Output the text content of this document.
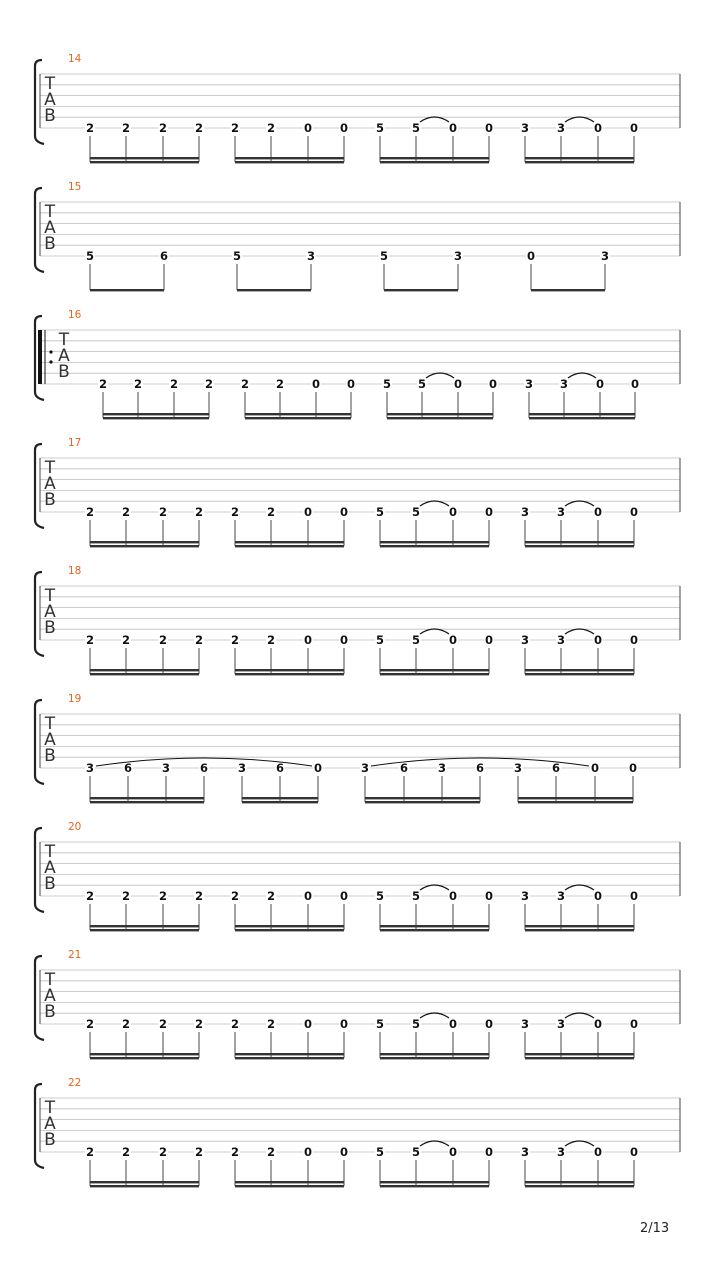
14
T
A
B
2 2	2 2 2 2	0 0 5 5	0 0 3 3	0 0
15
T
A
B
5	6	5	3	5	3	0	3
16
T
A
B
2 2 2 2 2 2 0 0 5 5 0 0 3 3 0 0
17
T
A
B
2 2	2 2 2 2	0 0 5 5	0 0 3 3	0 0
18
T
A
B
2 2	2 2 2 2	0 0 5 5	0 0 3 3	0 0
19
T
A
B
3	6	3	6	3	6	0	3	6	3	6	3	6	0	0
20
T
A
B
2 2	2 2 2 2	0 0 5 5	0 0 3 3	0 0
21
T
A
B
2 2	2 2 2 2	0 0 5 5	0 0 3 3	0 0
22
T
A
B
2 2	2 2 2 2	0 0 5 5	0 0 3 3	0 0
2/13
